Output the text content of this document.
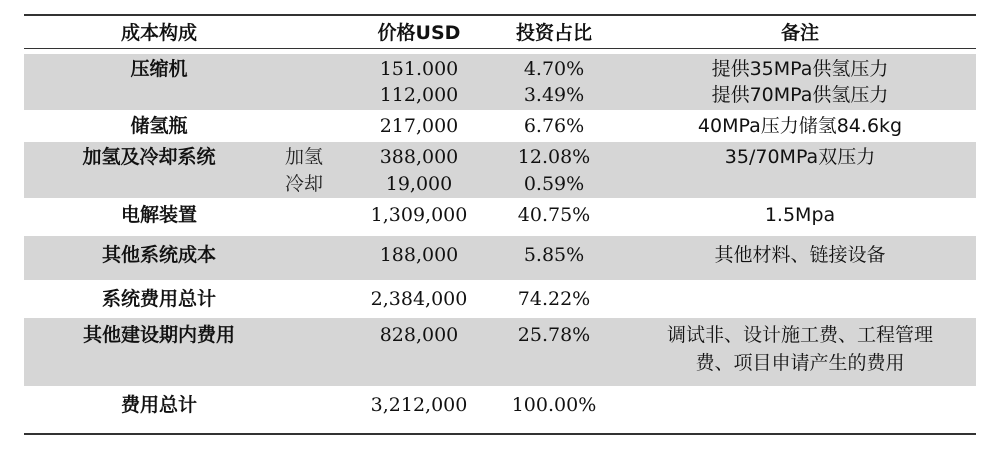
成本构成	价格USD	投资占比	备注
压缩机	151.000	4.70%	提供35MPa供氢压力
112,000	3.49%	提供70MPa供氢压力
储氢瓶	217,000	6.76%	40MPa压力储氢84.6kg
加氢及冷却系统	加氢	388,000	12.08%	35/70MPa双压力
冷却	19,000	0.59%
电解装置	1,309,000	40.75%	1.5Mpa
其他系统成本	188,000	5.85%	其他材料、链接设备
系统费用总计	2,384,000	74.22%
其他建设期内费用	828,000	25.78%	调试非、设计施工费、工程管理
费、项目申请产生的费用
费用总计	3,212,000	100.00%
